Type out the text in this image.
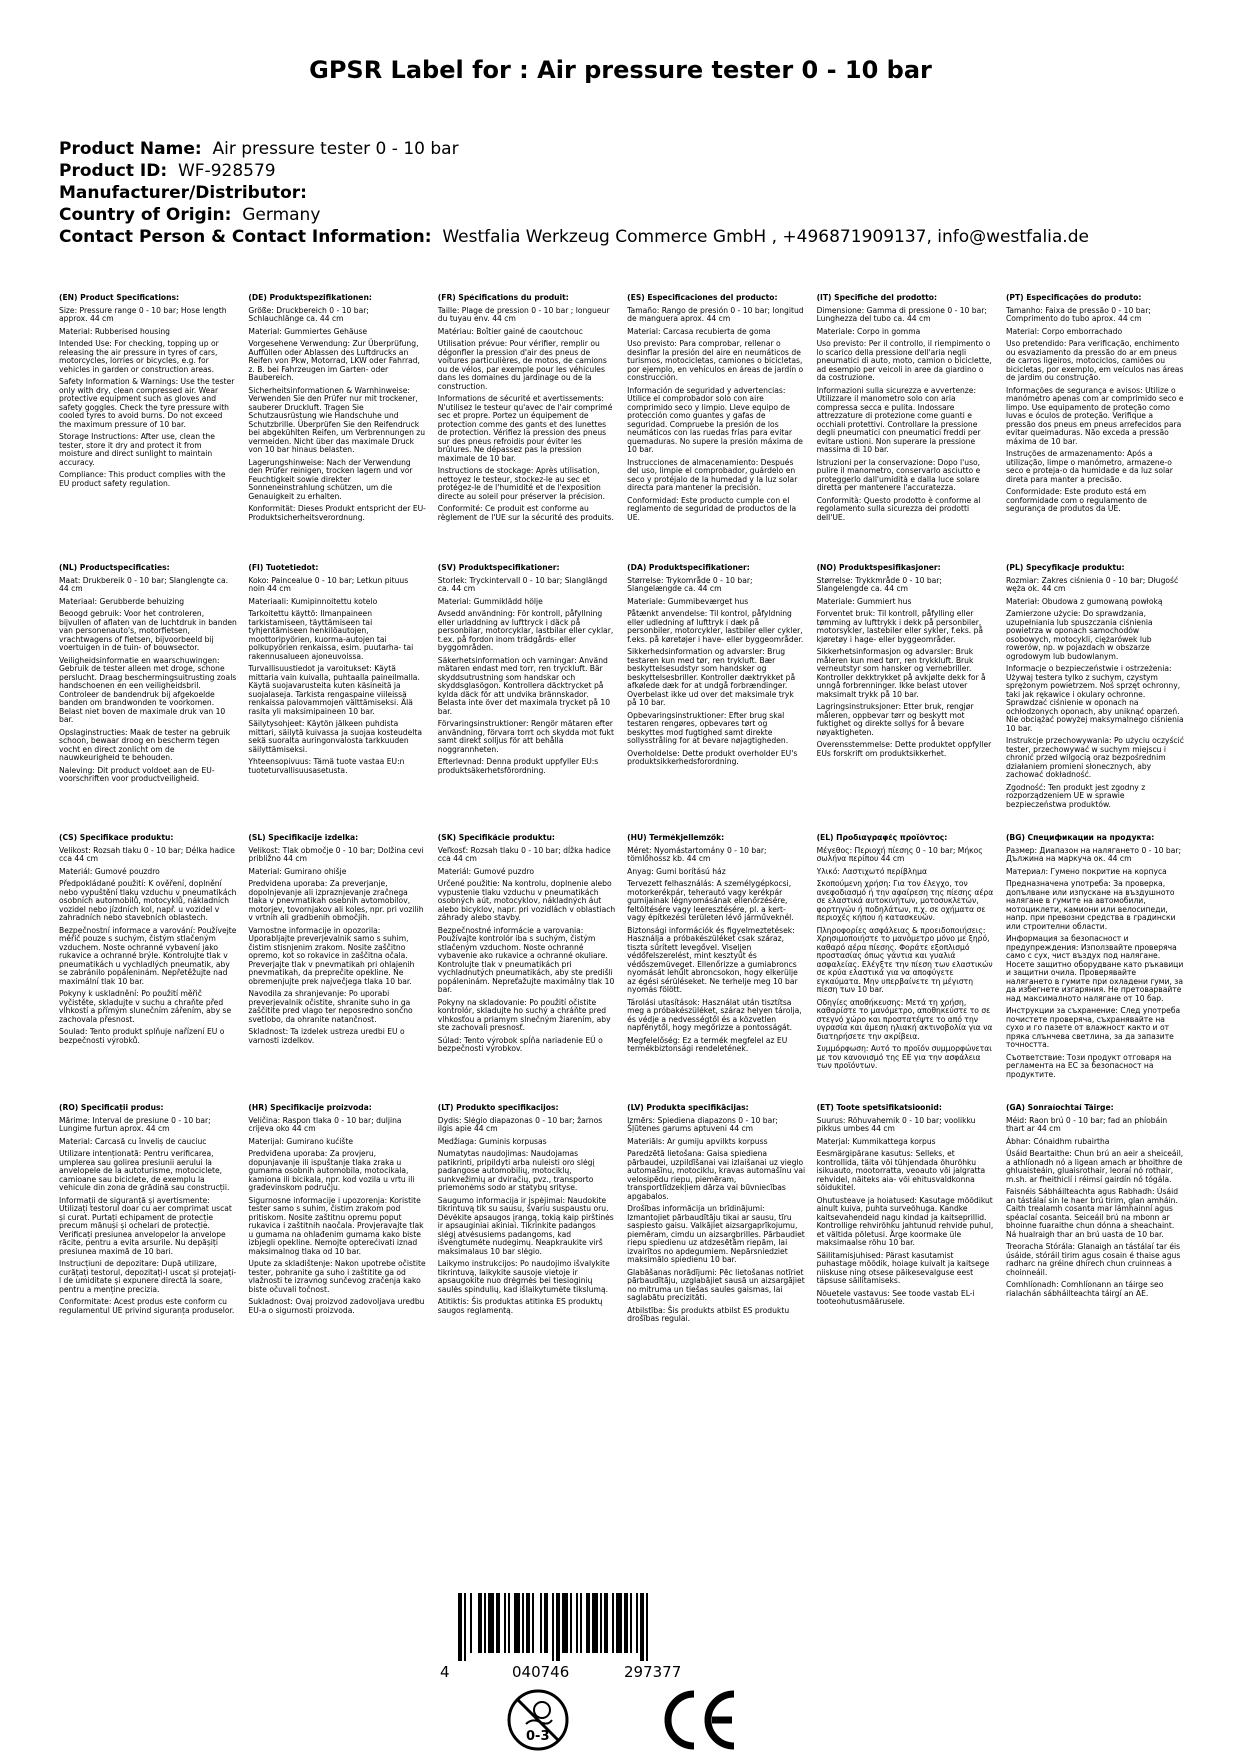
GPSR Label for : Air pressure tester 0 - 10 bar
Product Name: Air pressure tester 0 - 10 bar
Product ID: WF-928579
Manufacturer/Distributor:
Country of Origin: Germany
Contact Person & Contact Information: Westfalia Werkzeug Commerce GmbH , +496871909137, info@westfalia.de

(EN) Product Specifications:

Size: Pressure range 0 - 10 bar; Hose length approx. 44 cm

Material: Rubberised housing

Intended Use: For checking, topping up or releasing the air pressure in tyres of cars, motorcycles, lorries or bicycles, e.g. for vehicles in garden or construction areas.

Safety Information & Warnings: Use the tester only with dry, clean compressed air. Wear protective equipment such as gloves and safety goggles. Check the tyre pressure with cooled tyres to avoid burns. Do not exceed the maximum pressure of 10 bar.

Storage Instructions: After use, clean the tester, store it dry and protect it from moisture and direct sunlight to maintain accuracy.

Compliance: This product complies with the EU product safety regulation.

(DE) Produktspezifikationen:

Größe: Druckbereich 0 - 10 bar; Schlauchlänge ca. 44 cm

Material: Gummiertes Gehäuse

Vorgesehene Verwendung: Zur Überprüfung, Auffüllen oder Ablassen des Luftdrucks an Reifen von Pkw, Motorrad, LKW oder Fahrrad, z. B. bei Fahrzeugen im Garten- oder Baubereich.

Sicherheitsinformationen & Warnhinweise: Verwenden Sie den Prüfer nur mit trockener, sauberer Druckluft. Tragen Sie Schutzausrüstung wie Handschuhe und Schutzbrille. Überprüfen Sie den Reifendruck bei abgekühlten Reifen, um Verbrennungen zu vermeiden. Nicht über das maximale Druck von 10 bar hinaus belasten.

Lagerungshinweise: Nach der Verwendung den Prüfer reinigen, trocken lagern und vor Feuchtigkeit sowie direkter Sonneneinstrahlung schützen, um die Genauigkeit zu erhalten.

Konformität: Dieses Produkt entspricht der EU-Produktsicherheitsverordnung.

(FR) Spécifications du produit:

Taille: Plage de pression 0 - 10 bar ; longueur du tuyau env. 44 cm

Matériau: Boîtier gainé de caoutchouc

Utilisation prévue: Pour vérifier, remplir ou dégonfler la pression d'air des pneus de voitures particulières, de motos, de camions ou de vélos, par exemple pour les véhicules dans les domaines du jardinage ou de la construction.

Informations de sécurité et avertissements: N'utilisez le testeur qu'avec de l'air comprimé sec et propre. Portez un équipement de protection comme des gants et des lunettes de protection. Vérifiez la pression des pneus sur des pneus refroidis pour éviter les brûlures. Ne dépassez pas la pression maximale de 10 bar.

Instructions de stockage: Après utilisation, nettoyez le testeur, stockez-le au sec et protégez-le de l'humidité et de l'exposition directe au soleil pour préserver la précision.

Conformité: Ce produit est conforme au règlement de l'UE sur la sécurité des produits.

(ES) Especificaciones del producto:

Tamaño: Rango de presión 0 - 10 bar; longitud de manguera aprox. 44 cm

Material: Carcasa recubierta de goma

Uso previsto: Para comprobar, rellenar o desinflar la presión del aire en neumáticos de turismos, motocicletas, camiones o bicicletas, por ejemplo, en vehículos en áreas de jardín o construcción.

Información de seguridad y advertencias: Utilice el comprobador solo con aire comprimido seco y limpio. Lleve equipo de protección como guantes y gafas de seguridad. Compruebe la presión de los neumáticos con las ruedas frías para evitar quemaduras. No supere la presión máxima de 10 bar.

Instrucciones de almacenamiento: Después del uso, limpie el comprobador, guárdelo en seco y protéjalo de la humedad y la luz solar directa para mantener la precisión.

Conformidad: Este producto cumple con el reglamento de seguridad de productos de la UE.

(IT) Specifiche del prodotto:

Dimensione: Gamma di pressione 0 - 10 bar; Lunghezza del tubo ca. 44 cm

Materiale: Corpo in gomma

Uso previsto: Per il controllo, il riempimento o lo scarico della pressione dell'aria negli pneumatici di auto, moto, camion o biciclette, ad esempio per veicoli in aree da giardino o da costruzione.

Informazioni sulla sicurezza e avvertenze: Utilizzare il manometro solo con aria compressa secca e pulita. Indossare attrezzature di protezione come guanti e occhiali protettivi. Controllare la pressione degli pneumatici con pneumatici freddi per evitare ustioni. Non superare la pressione massima di 10 bar.

Istruzioni per la conservazione: Dopo l'uso, pulire il manometro, conservarlo asciutto e proteggerlo dall'umidità e dalla luce solare diretta per mantenere l'accuratezza.

Conformità: Questo prodotto è conforme al regolamento sulla sicurezza dei prodotti dell'UE.

(PT) Especificações do produto:

Tamanho: Faixa de pressão 0 - 10 bar; Comprimento do tubo aprox. 44 cm

Material: Corpo emborrachado

Uso pretendido: Para verificação, enchimento ou esvaziamento da pressão do ar em pneus de carros ligeiros, motociclos, camiões ou bicicletas, por exemplo, em veículos nas áreas de jardim ou construção.

Informações de segurança e avisos: Utilize o manómetro apenas com ar comprimido seco e limpo. Use equipamento de proteção como luvas e óculos de proteção. Verifique a pressão dos pneus em pneus arrefecidos para evitar queimaduras. Não exceda a pressão máxima de 10 bar.

Instruções de armazenamento: Após a utilização, limpe o manómetro, armazene-o seco e proteja-o da humidade e da luz solar direta para manter a precisão.

Conformidade: Este produto está em conformidade com o regulamento de segurança de produtos da UE.

(NL) Productspecificaties:

Maat: Drukbereik 0 - 10 bar; Slanglengte ca. 44 cm

Materiaal: Gerubberde behuizing

Beoogd gebruik: Voor het controleren, bijvullen of aflaten van de luchtdruk in banden van personenauto's, motorfietsen, vrachtwagens of fietsen, bijvoorbeeld bij voertuigen in de tuin- of bouwsector.

Veiligheidsinformatie en waarschuwingen: Gebruik de tester alleen met droge, schone perslucht. Draag beschermingsuitrusting zoals handschoenen en een veiligheidsbril. Controleer de bandendruk bij afgekoelde banden om brandwonden te voorkomen. Belast niet boven de maximale druk van 10 bar.

Opslaginstructies: Maak de tester na gebruik schoon, bewaar droog en bescherm tegen vocht en direct zonlicht om de nauwkeurigheid te behouden.

Naleving: Dit product voldoet aan de EU-voorschriften voor productveiligheid.

(FI) Tuotetiedot:

Koko: Paincealue 0 - 10 bar; Letkun pituus noin 44 cm

Materiaali: Kumipinnoitettu kotelo

Tarkoitettu käyttö: Ilmanpaineen tarkistamiseen, täyttämiseen tai tyhjentämiseen henkilöautojen, moottoripyörien, kuorma-autojen tai polkupyörien renkaissa, esim. puutarha- tai rakennusalueen ajoneuvoissa.

Turvallisuustiedot ja varoitukset: Käytä mittaria vain kuivalla, puhtaalla paineilmalla. Käytä suojavarusteita kuten käsineitä ja suojalaseja. Tarkista rengaspaine viileissä renkaissa palovammojen välttämiseksi. Älä rasita yli maksimipaineen 10 bar.

Säilytysohjeet: Käytön jälkeen puhdista mittari, säilytä kuivassa ja suojaa kosteudelta sekä suoralta auringonvalosta tarkkuuden säilyttämiseksi.

Yhteensopivuus: Tämä tuote vastaa EU:n tuoteturvallisuusasetusta.

(SV) Produktspecifikationer:

Storlek: Tryckintervall 0 - 10 bar; Slanglängd ca. 44 cm

Material: Gummiklädd hölje

Avsedd användning: För kontroll, påfyllning eller urladdning av lufttryck i däck på personbilar, motorcyklar, lastbilar eller cyklar, t.ex. på fordon inom trädgårds- eller byggområden.

Säkerhetsinformation och varningar: Använd mätaren endast med torr, ren tryckluft. Bär skyddsutrustning som handskar och skyddsglasögon. Kontrollera däcktrycket på kylda däck för att undvika brännskador. Belasta inte över det maximala trycket på 10 bar.

Förvaringsinstruktioner: Rengör mätaren efter användning, förvara torrt och skydda mot fukt samt direkt solljus för att behålla noggrannheten.

Efterlevnad: Denna produkt uppfyller EU:s produktsäkerhetsförordning.

(DA) Produktspecifikationer:

Størrelse: Trykområde 0 - 10 bar; Slangelængde ca. 44 cm

Materiale: Gummibeværget hus

Påtænkt anvendelse: Til kontrol, påfyldning eller udledning af lufttryk i dæk på personbiler, motorcykler, lastbiler eller cykler, f.eks. på køretøjer i have- eller byggeområder.

Sikkerhedsinformation og advarsler: Brug testaren kun med tør, ren trykluft. Bær beskyttelsesudstyr som handsker og beskyttelsesbriller. Kontroller dæktrykket på afkølede dæk for at undgå forbrændinger. Overbelast ikke ud over det maksimale tryk på 10 bar.

Opbevaringsinstruktioner: Efter brug skal testaren rengøres, opbevares tørt og beskyttes mod fugtighed samt direkte sollysstråling for at bevare nøjagtigheden.

Overholdelse: Dette produkt overholder EU's produktsikkerhedsforordning.

(NO) Produktspesifikasjoner:

Størrelse: Trykkmråde 0 - 10 bar; Slangelengde ca. 44 cm

Materiale: Gummiert hus

Forventet bruk: Til kontroll, påfylling eller tømming av lufttrykk i dekk på personbiler, motorsykler, lastebiler eller sykler, f.eks. på kjøretøy i hage- eller byggeområder.

Sikkerhetsinformasjon og advarsler: Bruk måleren kun med tørr, ren trykkluft. Bruk verneutstyr som hansker og vernebriller. Kontroller dekktrykket på avkjølte dekk for å unngå forbrenninger. Ikke belast utover maksimalt trykk på 10 bar.

Lagringsinstruksjoner: Etter bruk, rengjør måleren, oppbevar tørr og beskytt mot fuktighet og direkte sollys for å bevare nøyaktigheten.

Overensstemmelse: Dette produktet oppfyller EUs forskrift om produktsikkerhet.

(PL) Specyfikacje produktu:

Rozmiar: Zakres ciśnienia 0 - 10 bar; Długość węża ok. 44 cm

Materiał: Obudowa z gumowaną powłoką

Zamierzone użycie: Do sprawdzania, uzupełniania lub spuszczania ciśnienia powietrza w oponach samochodów osobowych, motocykli, ciężarówek lub rowerów, np. w pojazdach w obszarze ogrodowym lub budowlanym.

Informacje o bezpieczeństwie i ostrzeżenia: Używaj testera tylko z suchym, czystym sprężonym powietrzem. Noś sprzęt ochronny, taki jak rękawice i okulary ochronne. Sprawdzać ciśnienie w oponach na ochłodzonych oponach, aby uniknąć oparzeń. Nie obciążać powyżej maksymalnego ciśnienia 10 bar.

Instrukcje przechowywania: Po użyciu oczyścić tester, przechowywać w suchym miejscu i chronić przed wilgocią oraz bezpośrednim działaniem promieni słonecznych, aby zachować dokładność.

Zgodność: Ten produkt jest zgodny z rozporządzeniem UE w sprawie bezpieczeństwa produktów.

(CS) Specifikace produktu:

Velikost: Rozsah tlaku 0 - 10 bar; Délka hadice cca 44 cm

Materiál: Gumové pouzdro

Předpokládané použití: K ověření, doplnění nebo vypuštění tlaku vzduchu v pneumatikách osobních automobilů, motocyklů, nákladních vozidel nebo jízdních kol, např. u vozidel v zahradních nebo stavebních oblastech.

Bezpečnostní informace a varování: Používejte měřič pouze s suchým, čistým stlačeným vzduchem. Noste ochranné vybavení jako rukavice a ochranné brýle. Kontrolujte tlak v pneumatikách u vychladlých pneumatik, aby se zabránilo popáleninám. Nepřetěžujte nad maximální tlak 10 bar.

Pokyny k uskladnění: Po použití měřič vyčistěte, skladujte v suchu a chraňte před vlhkostí a přímým slunečním zářením, aby se zachovala přesnost.

Soulad: Tento produkt splňuje nařízení EU o bezpečnosti výrobků.

(SL) Specifikacije izdelka:

Velikost: Tlak območje 0 - 10 bar; Dolžina cevi približno 44 cm

Material: Gumirano ohišje

Predvidena uporaba: Za preverjanje, dopolnjevanje ali izpraznjevanje zračnega tlaka v pnevmatikah osebnih avtomobilov, motorjev, tovornjakov ali koles, npr. pri vozilih v vrtnih ali gradbenih območjih.

Varnostne informacije in opozorila: Uporabljajte preverjevalnik samo s suhim, čistim stisnjenim zrakom. Nosite zaščitno opremo, kot so rokavice in zaščitna očala. Preverjajte tlak v pnevmatikah pri ohlajenih pnevmatikah, da preprečite opekline. Ne obremenjujte prek največjega tlaka 10 bar.

Navodila za shranjevanje: Po uporabi preverjevalnik očistite, shranite suho in ga zaščitite pred vlago ter neposredno sončno svetlobo, da ohranite natančnost.

Skladnost: Ta izdelek ustreza uredbi EU o varnosti izdelkov.

(SK) Špecifikácie produktu:

Veľkosť: Rozsah tlaku 0 - 10 bar; dĺžka hadice cca 44 cm

Materiál: Gumové puzdro

Určené použitie: Na kontrolu, doplnenie alebo vypustenie tlaku vzduchu v pneumatikách osobných aút, motocyklov, nákladných áut alebo bicyklov, napr. pri vozidlách v oblastiach záhrady alebo stavby.

Bezpečnostné informácie a varovania: Používajte kontrolór iba s suchým, čistým stlačeným vzduchom. Noste ochranné vybavenie ako rukavice a ochranné okuliare. Kontrolujte tlak v pneumatikách pri vychladnutých pneumatikách, aby ste predišli popáleninám. Nepreťažujte maximálny tlak 10 bar.

Pokyny na skladovanie: Po použití očistite kontrolór, skladujte ho suchý a chráňte pred vlhkosťou a priamym slnečným žiarením, aby ste zachovali presnosť.

Súlad: Tento výrobok spĺňa nariadenie EÚ o bezpečnosti výrobkov.

(HU) Termékjellemzők:

Méret: Nyomástartomány 0 - 10 bar; tömlőhossz kb. 44 cm

Anyag: Gumi borítású ház

Tervezett felhasználás: A személygépkocsi, motorkerékpár, teherautó vagy kerékpár gumijainak légnyomásának ellenőrzésére, feltöltésére vagy leeresztésére, pl. a kert- vagy építkezési területen lévő járműveknél.

Biztonsági információk és figyelmeztetések: Használja a próbakészüléket csak száraz, tiszta sűrített levegővel. Viseljen védőfelszerelést, mint kesztyűt és védőszemüveget. Ellenőrizze a gumiabroncs nyomását lehűlt abroncsokon, hogy elkerülje az égési sérüléseket. Ne terhelje meg 10 bar nyomás fölött.

Tárolási utasítások: Használat után tisztítsa meg a próbakészüléket, száraz helyen tárolja, és védje a nedvességtől és a közvetlen napfénytől, hogy megőrizze a pontosságát.

Megfelelőség: Ez a termék megfelel az EU termékbiztonsági rendeletének.

(EL) Προδιαγραφές προϊόντος:

Μέγεθος: Περιοχή πίεσης 0 - 10 bar; Μήκος σωλήνα περίπου 44 cm

Υλικό: Λαστιχωτό περίβλημα

Σκοπούμενη χρήση: Για τον έλεγχο, τον ανεφοδιασμό ή την αφαίρεση της πίεσης αέρα σε ελαστικά αυτοκινήτων, μοτοσυκλετών, φορτηγών ή ποδηλάτων, π.χ. σε οχήματα σε περιοχές κήπου ή κατασκευών.

Πληροφορίες ασφάλειας & προειδοποιήσεις: Χρησιμοποιήστε το μανόμετρο μόνο με ξηρό, καθαρό αέρα πίεσης. Φοράτε εξοπλισμό προστασίας όπως γάντια και γυαλιά ασφαλείας. Ελέγξτε την πίεση των ελαστικών σε κρύα ελαστικά για να αποφύγετε εγκαύματα. Μην υπερβαίνετε τη μέγιστη πίεση των 10 bar.

Οδηγίες αποθήκευσης: Μετά τη χρήση, καθαρίστε το μανόμετρο, αποθηκεύστε το σε στεγνό χώρο και προστατέψτε το από την υγρασία και άμεση ηλιακή ακτινοβολία για να διατηρήσετε την ακρίβεια.

Συμμόρφωση: Αυτό το προϊόν συμμορφώνεται με τον κανονισμό της ΕΕ για την ασφάλεια των προϊόντων.

(BG) Спецификации на продукта:

Размер: Диапазон на налягането 0 - 10 bar; Дължина на маркуча ок. 44 cm

Материал: Гумено покритие на корпуса

Предназначена употреба: За проверка, допълване или изпускане на въздушното налягане в гумите на автомобили, мотоциклети, камиони или велосипеди, напр. при превозни средства в градински или строителни области.

Информация за безопасност и предупреждения: Използвайте проверяча само с сух, чист въздух под налягане. Носете защитно оборудване като ръкавици и защитни очила. Проверявайте налягането в гумите при охладени гуми, за да избегнете изгаряния. Не претоварвайте над максималното налягане от 10 бар.

Инструкции за съхранение: След употреба почистете проверяча, съхранявайте на сухо и го пазете от влажност както и от пряка слънчева светлина, за да запазите точността.

Съответствие: Този продукт отговаря на регламента на ЕС за безопасност на продуктите.

(RO) Specificații produs:

Mărime: Interval de presiune 0 - 10 bar; Lungime furtun aprox. 44 cm

Material: Carcasă cu înveliș de cauciuc

Utilizare intenționată: Pentru verificarea, umplerea sau golirea presiunii aerului la anvelopele de la autoturisme, motociclete, camioane sau biciclete, de exemplu la vehicule din zona de grădină sau construcții.

Informații de siguranță și avertismente: Utilizați testorul doar cu aer comprimat uscat și curat. Purtați echipament de protecție precum mănuși și ochelari de protecție. Verificați presiunea anvelopelor la anvelope răcite, pentru a evita arsurile. Nu depășiți presiunea maximă de 10 bari.

Instrucțiuni de depozitare: După utilizare, curățați testorul, depozitați-l uscat și protejați-l de umiditate și expunere directă la soare, pentru a menține precizia.

Conformitate: Acest produs este conform cu regulamentul UE privind siguranța produselor.

(HR) Specifikacije proizvoda:

Veličina: Raspon tlaka 0 - 10 bar; duljina crijeva oko 44 cm

Materijal: Gumirano kućište

Predviđena uporaba: Za provjeru, dopunjavanje ili ispuštanje tlaka zraka u gumama osobnih automobila, motocikala, kamiona ili bicikala, npr. kod vozila u vrtu ili građevinskom području.

Sigurnosne informacije i upozorenja: Koristite tester samo s suhim, čistim zrakom pod pritiskom. Nosite zaštitnu opremu poput rukavica i zaštitnih naočala. Provjeravajte tlak u gumama na ohlađenim gumama kako biste izbjegli opekline. Nemojte opterećivati iznad maksimalnog tlaka od 10 bar.

Upute za skladištenje: Nakon upotrebe očistite tester, pohranite ga suho i zaštitite ga od vlažnosti te izravnog sunčevog zračenja kako biste očuvali točnost.

Sukladnost: Ovaj proizvod zadovoljava uredbu EU-a o sigurnosti proizvoda.

(LT) Produkto specifikacijos:

Dydis: Slėgio diapazonas 0 - 10 bar; žarnos ilgis apie 44 cm

Medžiaga: Guminis korpusas

Numatytas naudojimas: Naudojamas patikrinti, pripildyti arba nuleisti oro slėgį padangose automobilių, motociklų, sunkvežimių ar dviračių, pvz., transporto priemonėms sodo ar statybų srityse.

Saugumo informacija ir įspėjimai: Naudokite tikrintuvą tik su sausu, švariu suspaustu oru. Dėvėkite apsaugos įrangą, tokią kaip pirštinės ir apsauginiai akiniai. Tikrinkite padangos slėgį atvėsusiems padangoms, kad išvengtumėte nudegimų. Neapkraukite virš maksimalaus 10 bar slėgio.

Laikymo instrukcijos: Po naudojimo išvalykite tikrintuvą, laikykite sausoje vietoje ir apsaugokite nuo drėgmės bei tiesioginių saulės spindulių, kad išlaikytumėte tikslumą.

Atitiktis: Šis produktas atitinka ES produktų saugos reglamentą.

(LV) Produkta specifikācijas:

Izmērs: Spiediena diapazons 0 - 10 bar; Šļūtenes garums aptuveni 44 cm

Materiāls: Ar gumiju apvilkts korpuss

Paredzētā lietošana: Gaisa spiediena pārbaudei, uzpildīšanai vai izlaišanai uz vieglo automašīnu, motociklu, kravas automašīnu vai velosipēdu riepu, piemēram, transportlīdzekļiem dārza vai būvniecības apgabalos.

Drošības informācija un brīdinājumi: Izmantojiet pārbaudītāju tikai ar sausu, tīru saspiesto gaisu. Valkājiet aizsargaprīkojumu, piemēram, cimdu un aizsargbrilles. Pārbaudiet riepu spiedienu uz atdzesētām riepām, lai izvairītos no apdegumiem. Nepārsniedziet maksimālo spiedienu 10 bar.

Glabāšanas norādījumi: Pēc lietošanas notīriet pārbaudītāju, uzglabājiet sausā un aizsargājiet no mitruma un tiešas saules gaismas, lai saglabātu precizitāti.

Atbilstība: Šis produkts atbilst ES produktu drošības regulai.

(ET) Toote spetsifikatsioonid:

Suurus: Rõhuvahemik 0 - 10 bar; voolikku pikkus umbes 44 cm

Materjal: Kummikattega korpus

Eesmärgipärane kasutus: Selleks, et kontrollida, täita või tühjendada õhurõhku isikuauto, mootorratta, veoauto või jalgratta rehvidel, näiteks aia- või ehitusvaldkonna sõidukitel.

Ohutusteave ja hoiatused: Kasutage mõõdikut ainult kuiva, puhta surveõhuga. Kandke kaitsevahendeid nagu kindad ja kaitseprillid. Kontrollige rehvirõhku jahtunud rehvide puhul, et vältida põletusi. Ärge koormake üle maksimaalse rõhu 10 bar.

Säilitamisjuhised: Pärast kasutamist puhastage mõõdik, hoiage kuivalt ja kaitsege niiskuse ning otsese päikesevalguse eest täpsuse säilitamiseks.

Nõuetele vastavus: See toode vastab EL-i tooteohutusmäärusele.

(GA) Sonraíochtaí Táirge:

Méid: Raon brú 0 - 10 bar; fad an phíobáin thart ar 44 cm

Ábhar: Cónaidhm rubairtha

Úsáid Beartaithe: Chun brú an aeir a sheiceáil, a athlíonadh nó a ligean amach ar bhoithre de ghluaisteáin, gluaisrothair, leoraí nó rothair, m.sh. ar fheithiclí i réimsí gairdín nó tógála.

Faisnéis Sábháilteachta agus Rabhadh: Úsáid an tástálaí sin le haer brú tirim, glan amháin. Caith trealamh cosanta mar lámhainní agus spéaclaí cosanta. Seiceáil brú na mbonn ar bhoinne fuaraithe chun dónna a sheachaint. Ná hualraigh thar an brú uasta de 10 bar.

Treoracha Stórála: Glanaigh an tástálaí tar éis úsáide, stóráil tirim agus cosain é thaise agus radharc na gréine dhírech chun cruinneas a choinneáil.

Comhlíonadh: Comhlíonann an táirge seo rialachán sábháilteachta táirgí an AE.

4	040746	297377
0-3
